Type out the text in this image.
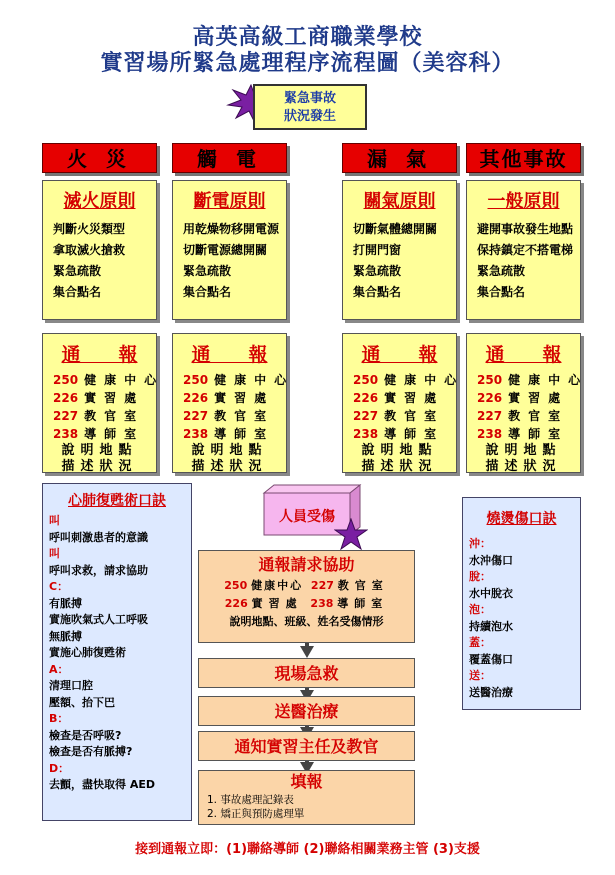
高英高級工商職業學校
實習場所緊急處理程序流程圖（美容科）
緊急事故
狀況發生
火 災	觸 電	漏 氣	其他事故
滅火原則
判斷火災類型
拿取滅火搶救
緊急疏散
集合點名
斷電原則
用乾燥物移開電源
切斷電源總開關
緊急疏散
集合點名
關氣原則
切斷氣體總開關
打開門窗
緊急疏散
集合點名
一般原則
避開事故發生地點
保持鎮定不搭電梯
緊急疏散
集合點名
通　　報
250 健康中心
226 實習處
227 教官室
238 導師室
說明地點
描述狀況
通　　報
250 健康中心
226 實習處
227 教官室
238 導師室
說明地點
描述狀況
通　　報
250 健康中心
226 實習處
227 教官室
238 導師室
說明地點
描述狀況
通　　報
250 健康中心
226 實習處
227 教官室
238 導師室
說明地點
描述狀況
心肺復甦術口訣
叫
呼叫刺激患者的意識
叫
呼叫求救，請求協助
C：
有脈搏
實施吹氣式人工呼吸
無脈搏
實施心肺復甦術
A：
清理口腔
壓額、抬下巴
B：
檢查是否呼吸?
檢查是否有脈搏?
D：
去顫，盡快取得 AED
人員受傷
通報請求協助
250 健康中心 227 教官室
226 實習處 238 導師室
說明地點、班級、姓名受傷情形
現場急救
送醫治療
通知實習主任及教官
填報
1. 事故處理記錄表
2. 矯正與預防處理單
燒燙傷口訣
沖：
水沖傷口
脫：
水中脫衣
泡：
持續泡水
蓋：
覆蓋傷口
送：
送醫治療
接到通報立即：(1)聯絡導師 (2)聯絡相關業務主管 (3)支援
